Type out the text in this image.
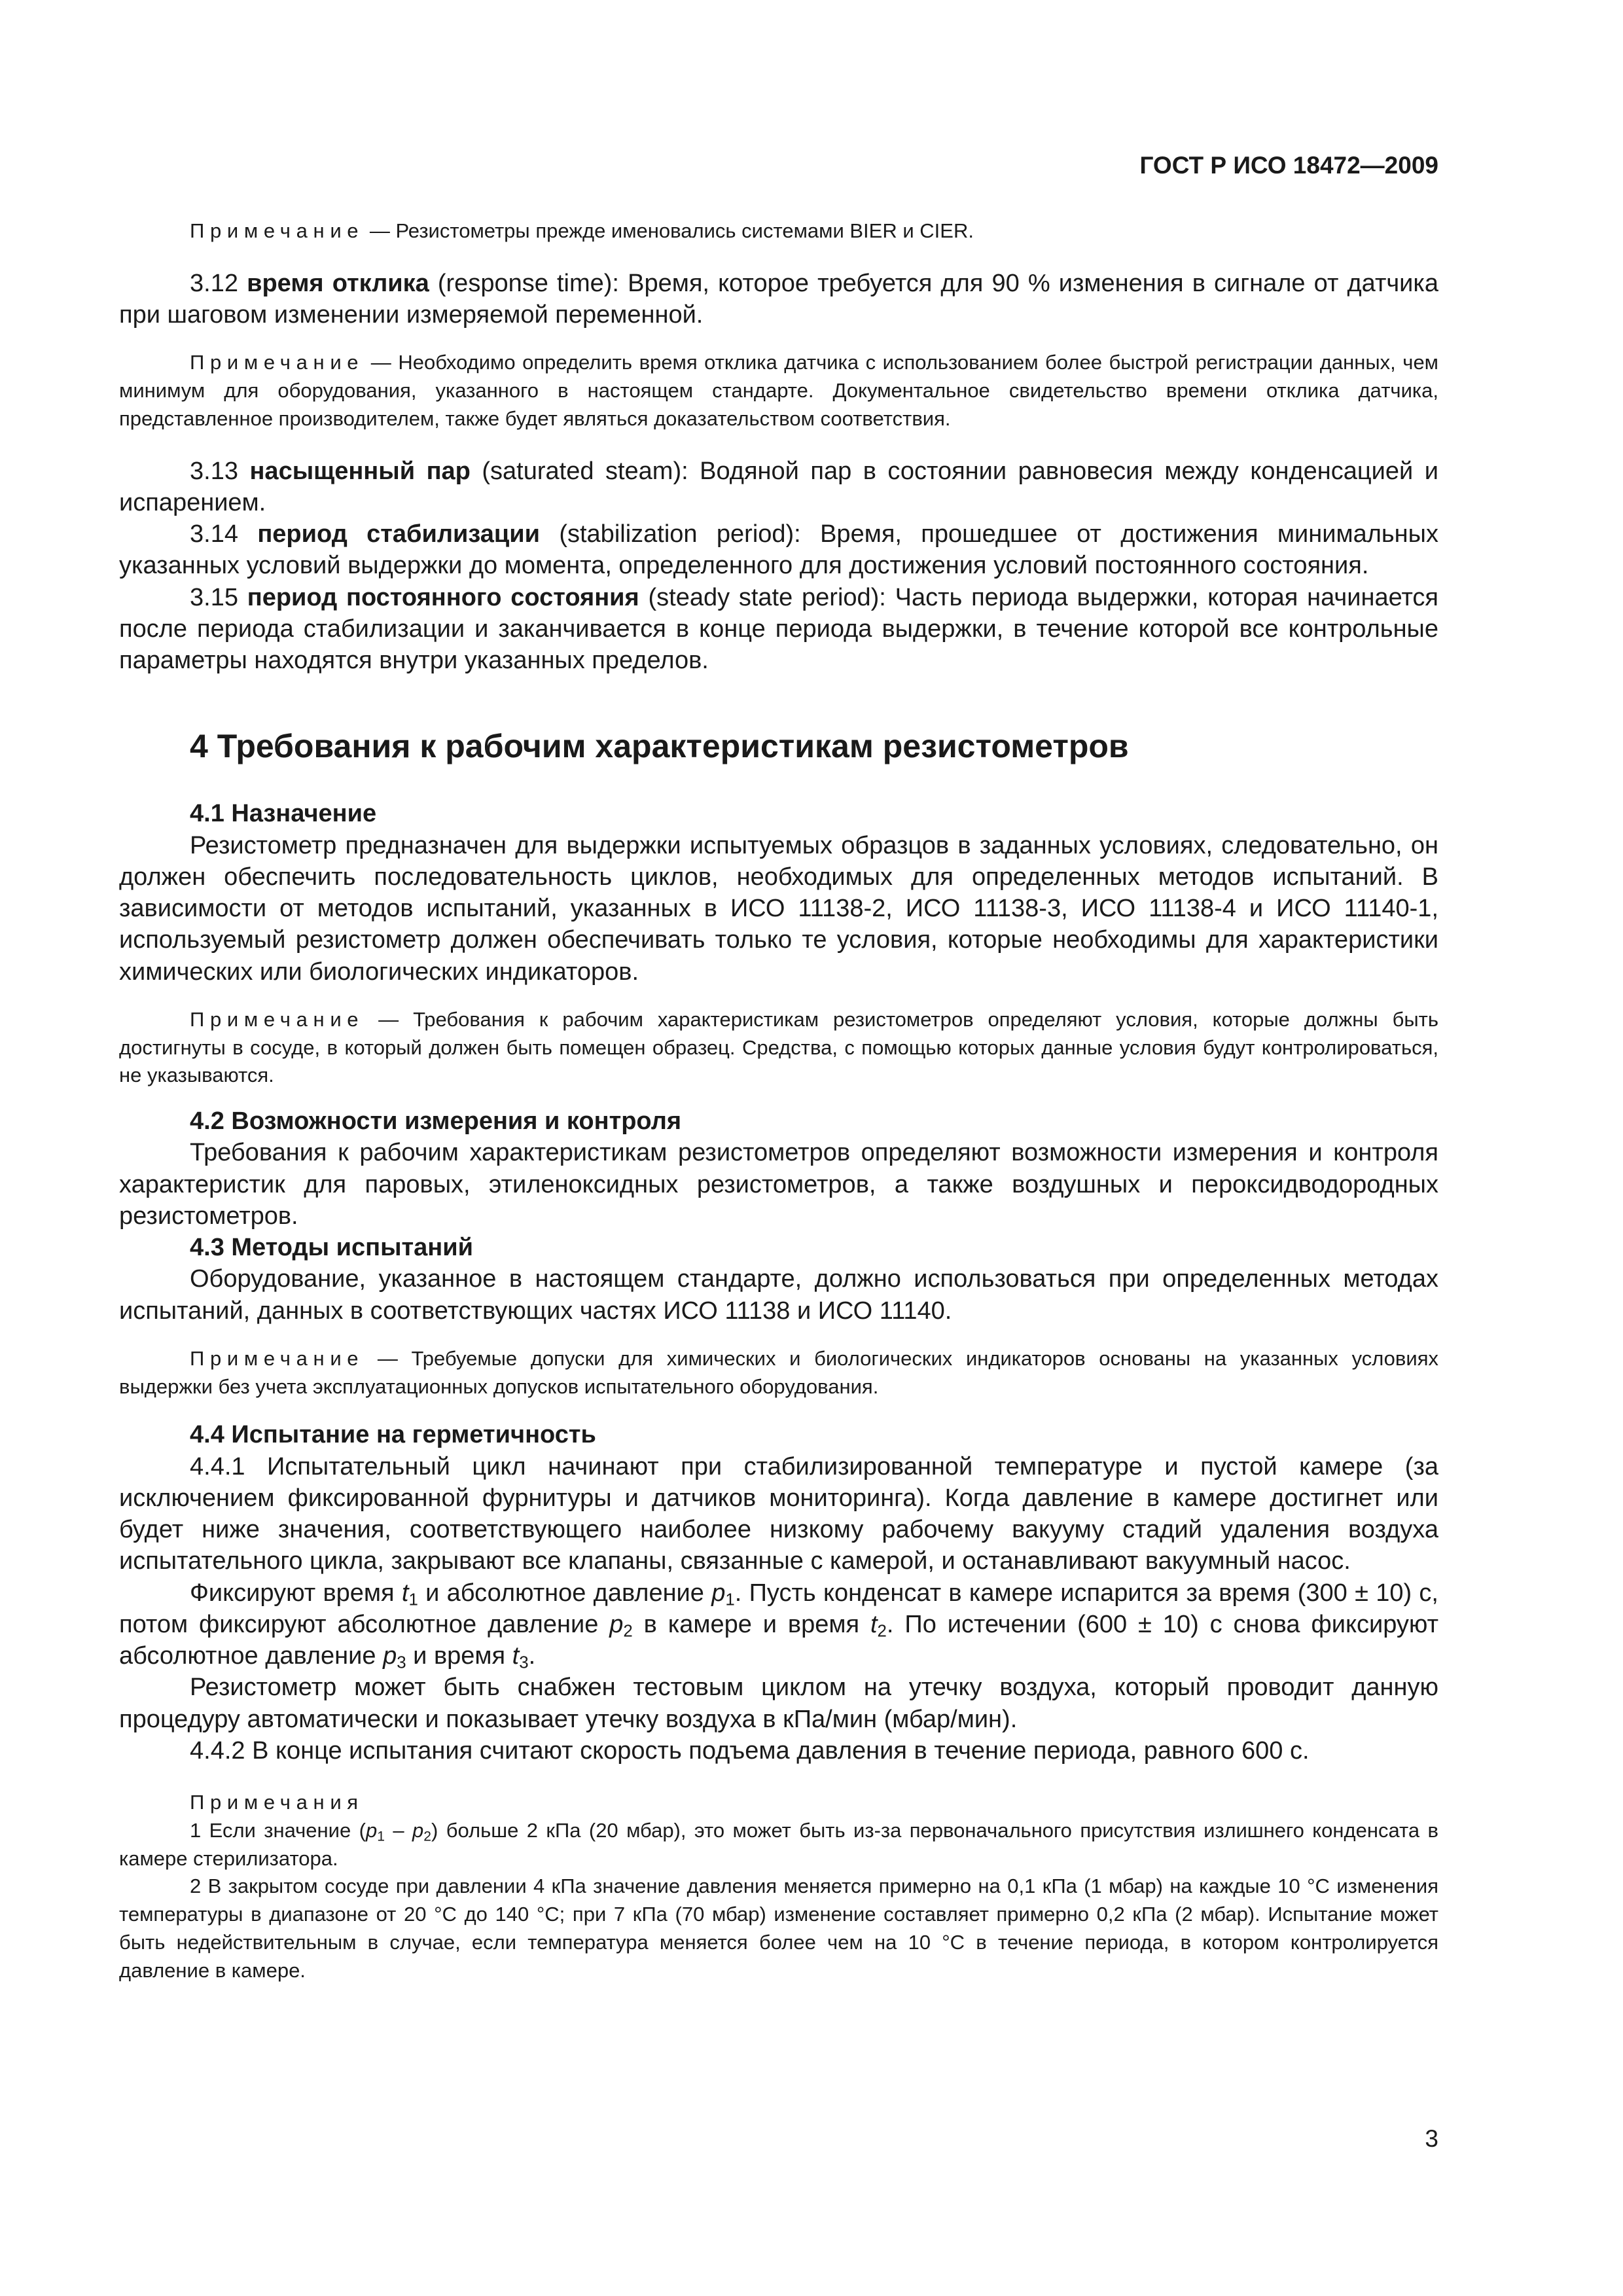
ГОСТ Р ИСО 18472—2009

Примечание — Резистометры прежде именовались системами BIER и CIER.

3.12 время отклика (response time): Время, которое требуется для 90 % изменения в сигнале от датчика при шаговом изменении измеряемой переменной.

Примечание — Необходимо определить время отклика датчика с использованием более быстрой регистрации данных, чем минимум для оборудования, указанного в настоящем стандарте. Документальное свидетельство времени отклика датчика, представленное производителем, также будет являться доказательством соответствия.

3.13 насыщенный пар (saturated steam): Водяной пар в состоянии равновесия между конденсацией и испарением.

3.14 период стабилизации (stabilization period): Время, прошедшее от достижения минимальных указанных условий выдержки до момента, определенного для достижения условий постоянного состояния.

3.15 период постоянного состояния (steady state period): Часть периода выдержки, которая начинается после периода стабилизации и заканчивается в конце периода выдержки, в течение которой все контрольные параметры находятся внутри указанных пределов.

4 Требования к рабочим характеристикам резистометров
4.1 Назначение

Резистометр предназначен для выдержки испытуемых образцов в заданных условиях, следовательно, он должен обеспечить последовательность циклов, необходимых для определенных методов испытаний. В зависимости от методов испытаний, указанных в ИСО 11138-2, ИСО 11138-3, ИСО 11138-4 и ИСО 11140-1, используемый резистометр должен обеспечивать только те условия, которые необходимы для характеристики химических или биологических индикаторов.

Примечание — Требования к рабочим характеристикам резистометров определяют условия, которые должны быть достигнуты в сосуде, в который должен быть помещен образец. Средства, с помощью которых данные условия будут контролироваться, не указываются.

4.2 Возможности измерения и контроля

Требования к рабочим характеристикам резистометров определяют возможности измерения и контроля характеристик для паровых, этиленоксидных резистометров, а также воздушных и пероксидводородных резистометров.

4.3 Методы испытаний

Оборудование, указанное в настоящем стандарте, должно использоваться при определенных методах испытаний, данных в соответствующих частях ИСО 11138 и ИСО 11140.

Примечание — Требуемые допуски для химических и биологических индикаторов основаны на указанных условиях выдержки без учета эксплуатационных допусков испытательного оборудования.

4.4 Испытание на герметичность

4.4.1 Испытательный цикл начинают при стабилизированной температуре и пустой камере (за исключением фиксированной фурнитуры и датчиков мониторинга). Когда давление в камере достигнет или будет ниже значения, соответствующего наиболее низкому рабочему вакууму стадий удаления воздуха испытательного цикла, закрывают все клапаны, связанные с камерой, и останавливают вакуумный насос.

Фиксируют время $t_1$ и абсолютное давление $p_1$. Пусть конденсат в камере испарится за время (300 ± 10) с, потом фиксируют абсолютное давление $p_2$ в камере и время $t_2$. По истечении (600 ± 10) с снова фиксируют абсолютное давление $p_3$ и время $t_3$.

Резистометр может быть снабжен тестовым циклом на утечку воздуха, который проводит данную процедуру автоматически и показывает утечку воздуха в кПа/мин (мбар/мин).

4.4.2 В конце испытания считают скорость подъема давления в течение периода, равного 600 с.

Примечания

1 Если значение $(p_1 - p_2)$ больше 2 кПа (20 мбар), это может быть из-за первоначального присутствия излишнего конденсата в камере стерилизатора.

2 В закрытом сосуде при давлении 4 кПа значение давления меняется примерно на 0,1 кПа (1 мбар) на каждые 10 °С изменения температуры в диапазоне от 20 °С до 140 °С; при 7 кПа (70 мбар) изменение составляет примерно 0,2 кПа (2 мбар). Испытание может быть недействительным в случае, если температура меняется более чем на 10 °С в течение периода, в котором контролируется давление в камере.

3
